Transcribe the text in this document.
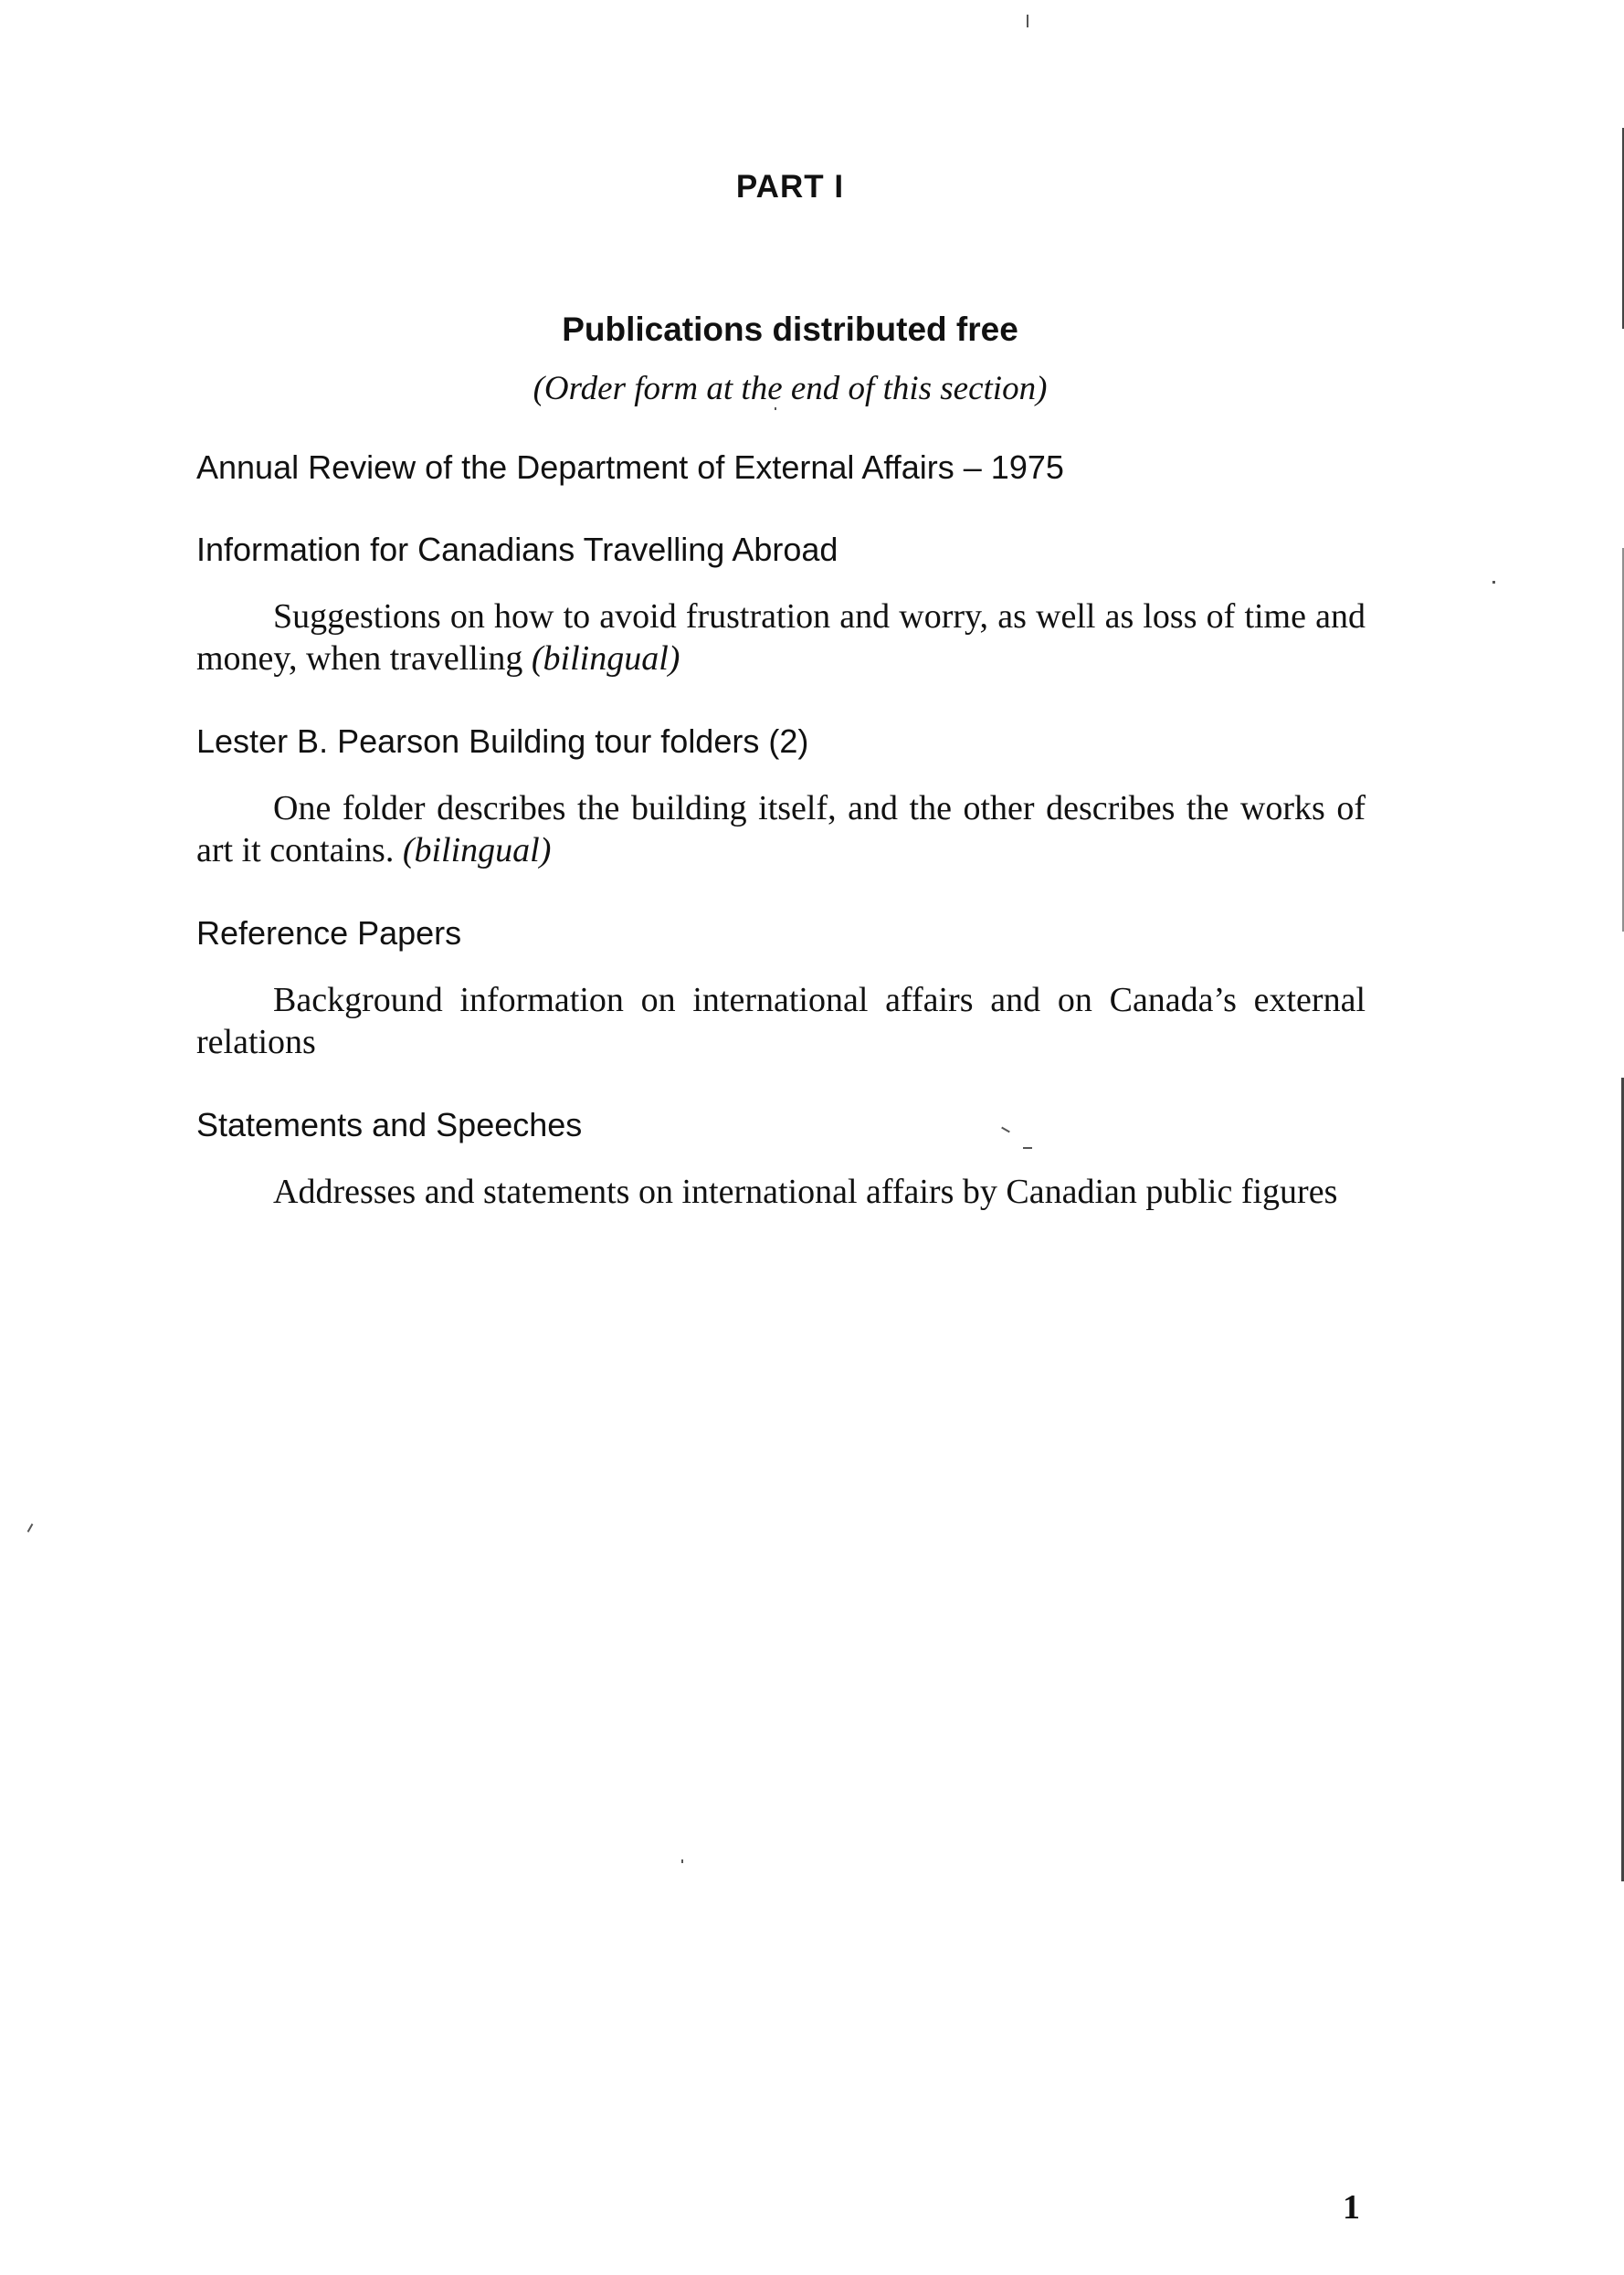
PART I
Publications distributed free
(Order form at the end of this section)

Annual Review of the Department of External Affairs – 1975

Information for Canadians Travelling Abroad

Suggestions on how to avoid frustration and worry, as well as loss of time and money, when travelling (bilingual)

Lester B. Pearson Building tour folders (2)

One folder describes the building itself, and the other describes the works of art it contains. (bilingual)

Reference Papers

Background information on international affairs and on Canada’s external relations

Statements and Speeches

Addresses and statements on international affairs by Canadian public figures

1
